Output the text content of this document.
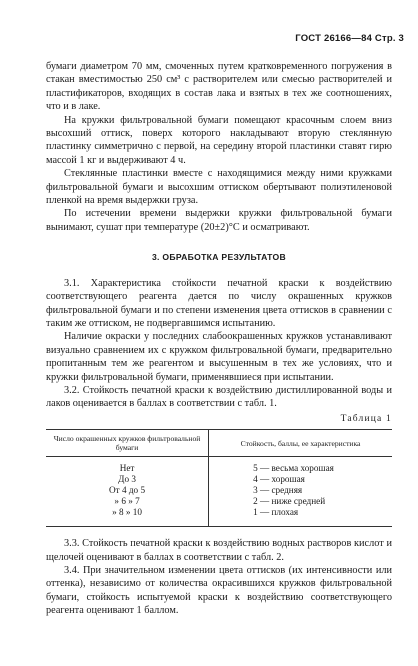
ГОСТ 26166—84 Стр. 3

бумаги диаметром 70 мм, смоченных путем кратковременного погружения в стакан вместимостью 250 см³ с растворителем или смесью растворителей и пластификаторов, входящих в состав лака и взятых в тех же соотношениях, что и в лаке.

На кружки фильтровальной бумаги помещают красочным слоем вниз высохший оттиск, поверх которого накладывают вторую стеклянную пластинку симметрично с первой, на середину второй пластинки ставят гирю массой 1 кг и выдерживают 4 ч.

Стеклянные пластинки вместе с находящимися между ними кружками фильтровальной бумаги и высохшим оттиском обертывают полиэтиленовой пленкой на время выдержки груза.

По истечении времени выдержки кружки фильтровальной бумаги вынимают, сушат при температуре (20±2)°С и осматривают.

3. ОБРАБОТКА РЕЗУЛЬТАТОВ

3.1. Характеристика стойкости печатной краски к воздействию соответствующего реагента дается по числу окрашенных кружков фильтровальной бумаги и по степени изменения цвета оттисков в сравнении с таким же оттиском, не подвергавшимся испытанию.

Наличие окраски у последних слабоокрашенных кружков устанавливают визуально сравнением их с кружком фильтровальной бумаги, предварительно пропитанным тем же реагентом и высушенным в тех же условиях, что и кружки фильтровальной бумаги, применявшиеся при испытании.

3.2. Стойкость печатной краски к воздействию дистиллированной воды и лаков оценивается в баллах в соответствии с табл. 1.

Таблица 1
Число окрашенных кружков фильтровальной бумаги	Стойкость, баллы, ее характеристика
Нет	5 — весьма хорошая
До 3	4 — хорошая
От 4 до 5	3 — средняя
» 6 » 7	2 — ниже средней
» 8 » 10	1 — плохая

3.3. Стойкость печатной краски к воздействию водных растворов кислот и щелочей оценивают в баллах в соответствии с табл. 2.

3.4. При значительном изменении цвета оттисков (их интенсивности или оттенка), независимо от количества окрасившихся кружков фильтровальной бумаги, стойкость испытуемой краски к воздействию соответствующего реагента оценивают 1 баллом.
